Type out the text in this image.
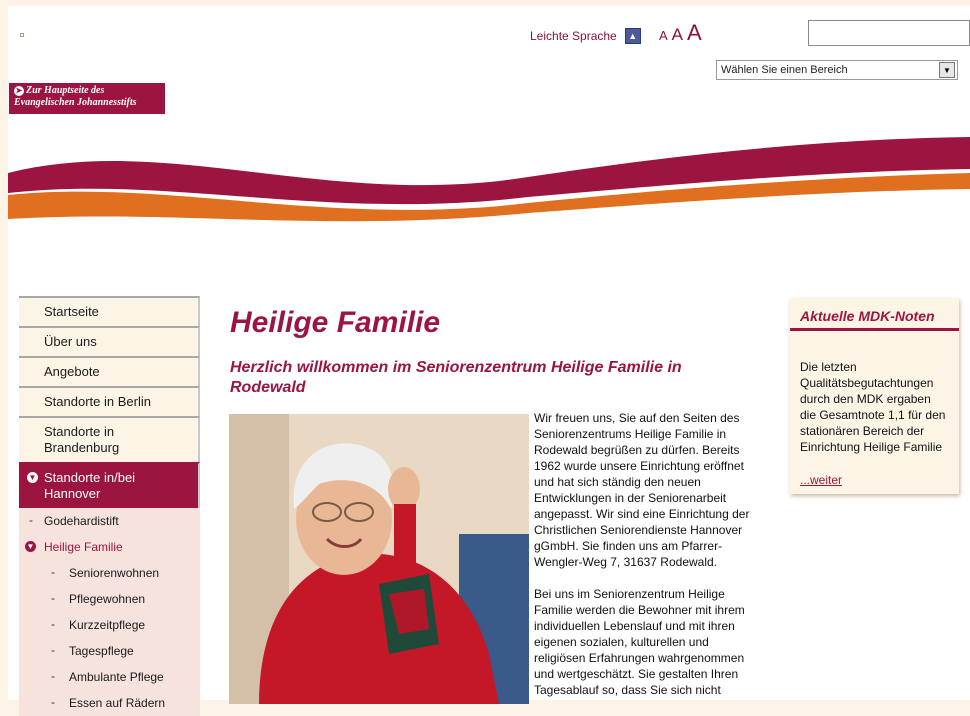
Leichte Sprache	▲ A A A
Wählen Sie einen Bereich	▼
➤ Zur Hauptseite des
Evangelischen Johannesstifts
Startseite
Über uns
Angebote
Standorte in Berlin
Standorte in Brandenburg
▼ Standorte in/bei Hannover
- Godehardistift
▼ Heilige Familie
- Seniorenwohnen
- Pflegewohnen
- Kurzzeitpflege
- Tagespflege
- Ambulante Pflege
- Essen auf Rädern
Heilige Familie
Herzlich willkommen im Seniorenzentrum Heilige Familie in Rodewald

Wir freuen uns, Sie auf den Seiten des Seniorenzentrums Heilige Familie in Rodewald begrüßen zu dürfen. Bereits 1962 wurde unsere Einrichtung eröffnet und hat sich ständig den neuen Entwicklungen in der Seniorenarbeit angepasst. Wir sind eine Einrichtung der Christlichen Seniorendienste Hannover gGmbH. Sie finden uns am Pfarrer-Wengler-Weg 7, 31637 Rodewald.

Bei uns im Seniorenzentrum Heilige Familie werden die Bewohner mit ihrem individuellen Lebenslauf und mit ihren eigenen sozialen, kulturellen und religiösen Erfahrungen wahrgenommen und wertgeschätzt. Sie gestalten Ihren Tagesablauf so, dass Sie sich nicht

Aktuelle MDK-Noten
Die letzten Qualitätsbegutachtungen durch den MDK ergaben die Gesamtnote 1,1 für den stationären Bereich der Einrichtung Heilige Familie
...weiter
